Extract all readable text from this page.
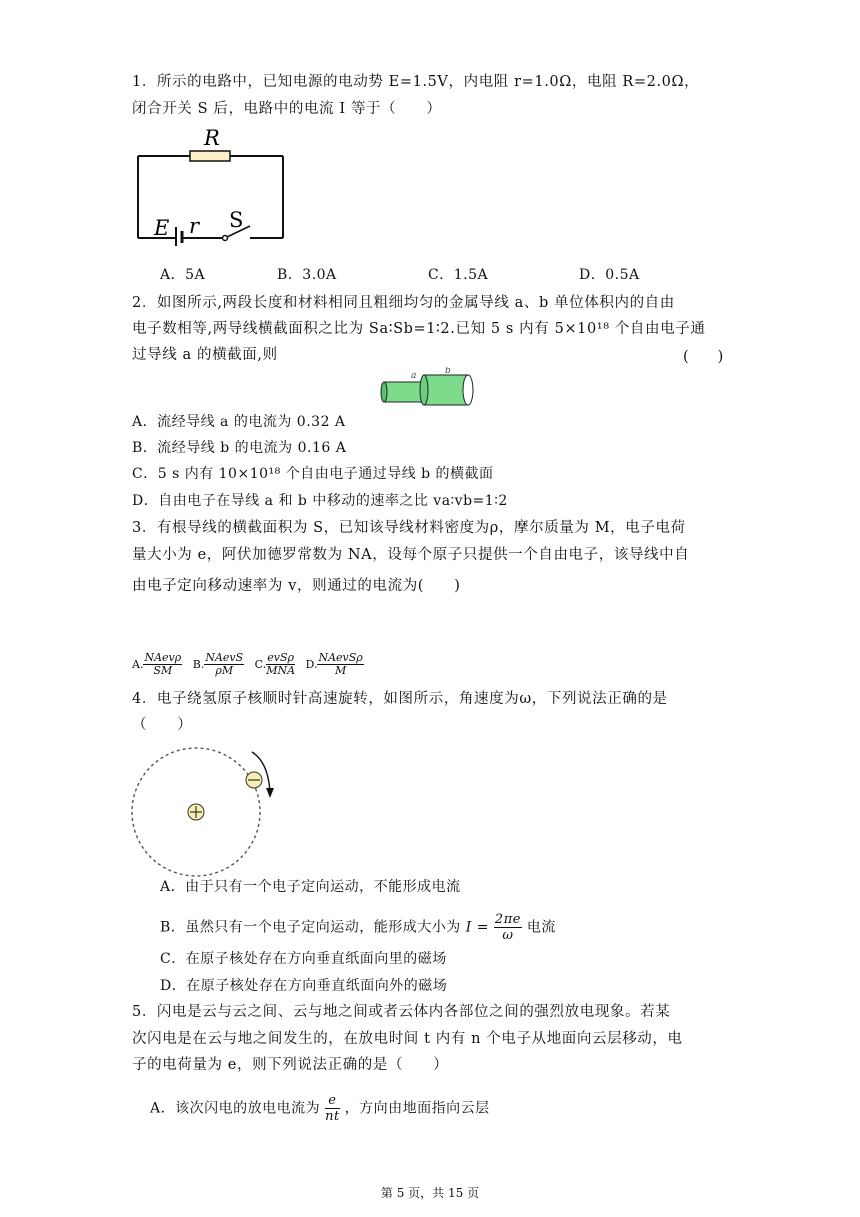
1．所示的电路中，已知电源的电动势 E=1.5V，内电阻 r=1.0Ω，电阻 R=2.0Ω，
闭合开关 S 后，电路中的电流 I 等于（　　）
R
E r S
A．5A	B．3.0A	C．1.5A	D．0.5A
2．如图所示,两段长度和材料相同且粗细均匀的金属导线 a、b 单位体积内的自由
电子数相等,两导线横截面积之比为 Sa∶Sb=1∶2.已知 5 s 内有 5×10¹⁸ 个自由电子通
过导线 a 的横截面,则	(　　)
a	b
A．流经导线 a 的电流为 0.32 A
B．流经导线 b 的电流为 0.16 A
C．5 s 内有 10×10¹⁸ 个自由电子通过导线 b 的横截面
D．自由电子在导线 a 和 b 中移动的速率之比 va∶vb=1∶2
3．有根导线的横截面积为 S，已知该导线材料密度为ρ，摩尔质量为 M，电子电荷
量大小为 e，阿伏加德罗常数为 NA，设每个原子只提供一个自由电子，该导线中自
由电子定向移动速率为 v，则通过的电流为(　　)
A. $\frac{\text{NAevρ}}{SM} B$. $\frac{\text{NAevS}}{\rho M} C$. $\frac{\text{evSρ}}{\text{MNA}} D$. $\frac{\text{NAevSρ}}{M}$
4．电子绕氢原子核顺时针高速旋转，如图所示，角速度为ω，下列说法正确的是
（　　）
A．由于只有一个电子定向运动，不能形成电流
B．虽然只有一个电子定向运动，能形成大小为 $I = \frac{2\pi e}{\omega}$ 电流
C．在原子核处存在方向垂直纸面向里的磁场
D．在原子核处存在方向垂直纸面向外的磁场
5．闪电是云与云之间、云与地之间或者云体内各部位之间的强烈放电现象。若某
次闪电是在云与地之间发生的，在放电时间 t 内有 n 个电子从地面向云层移动，电
子的电荷量为 e，则下列说法正确的是（　　）
A．该次闪电的放电电流为 $\frac{e}{nt}$ ，方向由地面指向云层
第 5 页，共 15 页
